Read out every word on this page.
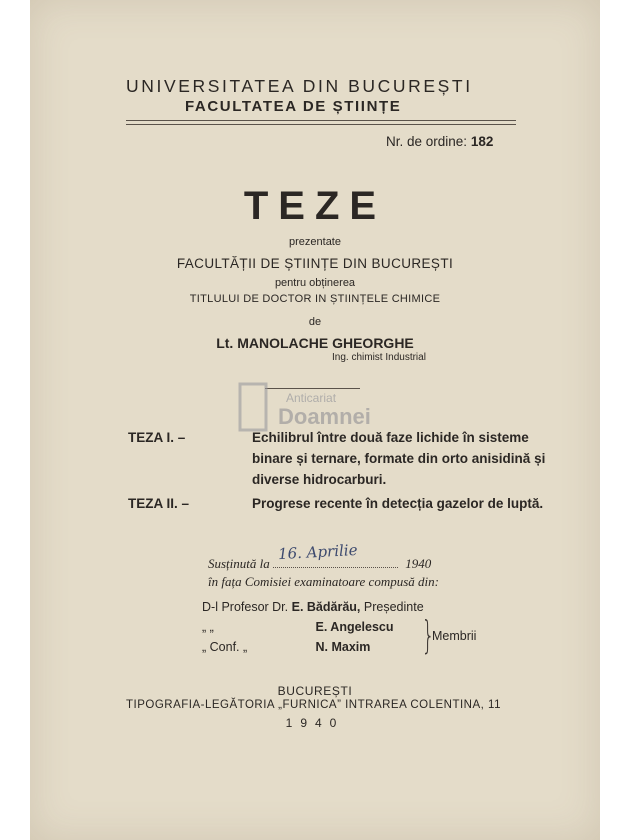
UNIVERSITATEA DIN BUCUREȘTI
FACULTATEA DE ȘTIINȚE
Nr. de ordine: 182
TEZE
prezentate
FACULTĂȚII DE ȘTIINȚE DIN BUCUREȘTI
pentru obținerea
TITLULUI DE DOCTOR IN ȘTIINȚELE CHIMICE
de
Lt. MANOLACHE GHEORGHE
Ing. chimist Industrial
Anticariat
Doamnei
TEZA I. –	Echilibrul între două faze lichide în sisteme binare și ternare, formate din orto anisidină și diverse hidrocarburi.
TEZA II. –	Progrese recente în detecția gazelor de luptă.
Susținută la	1940
16. Aprilie
în fața Comisiei examinatoare compusă din:
D-l Profesor Dr. E. Bădărău, Președinte
„ „	E. Angelescu
„ Conf. „	N. Maxim }
Membrii
BUCUREȘTI
TIPOGRAFIA-LEGĂTORIA „FURNICA” INTRAREA COLENTINA, 11
1940
